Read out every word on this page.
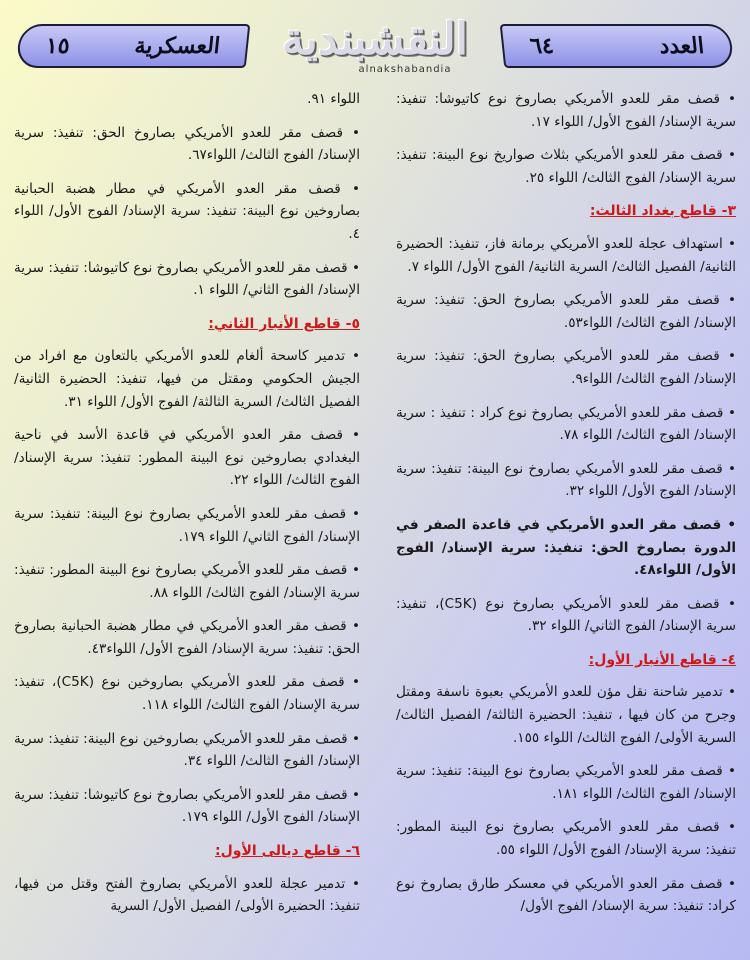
العدد
٦٤
النقشبندية
alnakshabandia
العسكرية
١٥
• قصف مقر للعدو الأمريكي بصاروخ نوع كاتيوشا: تنفيذ: سرية الإسناد/ الفوج الأول/ اللواء ١٧.
• قصف مقر للعدو الأمريكي بثلاث صواريخ نوع البينة: تنفيذ: سرية الإسناد/ الفوج الثالث/ اللواء ٢٥.
٣- قاطع بغداد الثالث:
• استهداف عجلة للعدو الأمريكي برمانة فاز، تنفيذ: الحضيرة الثانية/ الفصيل الثالث/ السرية الثانية/ الفوج الأول/ اللواء ٧.
• قصف مقر للعدو الأمريكي بصاروخ الحق: تنفيذ: سرية الإسناد/ الفوج الثالث/ اللواء٥٣.
• قصف مقر للعدو الأمريكي بصاروخ الحق: تنفيذ: سرية الإسناد/ الفوج الثالث/ اللواء٩.
• قصف مقر للعدو الأمريكي بصاروخ نوع كراد : تنفيذ : سرية الإسناد/ الفوج الثالث/ اللواء ٧٨.
• قصف مقر للعدو الأمريكي بصاروخ نوع البينة: تنفيذ: سرية الإسناد/ الفوج الأول/ اللواء ٣٢.
• قصف مقر العدو الأمريكي في قاعدة الصفر في الدورة بصاروخ الحق: تنفيذ: سرية الإسناد/ الفوج الأول/ اللواء٤٨.
• قصف مقر للعدو الأمريكي بصاروخ نوع (C5K)، تنفيذ: سرية الإسناد/ الفوج الثاني/ اللواء ٣٢.
٤- قاطع الأنبار الأول:
• تدمير شاحنة نقل مؤن للعدو الأمريكي بعبوة ناسفة ومقتل وجرح من كان فيها ، تنفيذ: الحضيرة الثالثة/ الفصيل الثالث/ السرية الأولى/ الفوج الثالث/ اللواء ١٥٥.
• قصف مقر للعدو الأمريكي بصاروخ نوع البينة: تنفيذ: سرية الإسناد/ الفوج الثالث/ اللواء ١٨١.
• قصف مقر للعدو الأمريكي بصاروخ نوع البينة المطور: تنفيذ: سرية الإسناد/ الفوج الأول/ اللواء ٥٥.
• قصف مقر العدو الأمريكي في معسكر طارق بصاروخ نوع كراد: تنفيذ: سرية الإسناد/ الفوج الأول/
اللواء ٩١.
• قصف مقر للعدو الأمريكي بصاروخ الحق: تنفيذ: سرية الإسناد/ الفوج الثالث/ اللواء٦٧.
• قصف مقر العدو الأمريكي في مطار هضبة الحبانية بصاروخين نوع البينة: تنفيذ: سرية الإسناد/ الفوج الأول/ اللواء ٤.
• قصف مقر للعدو الأمريكي بصاروخ نوع كاتيوشا: تنفيذ: سرية الإسناد/ الفوج الثاني/ اللواء ١.
٥- قاطع الأنبار الثاني:
• تدمير كاسحة ألغام للعدو الأمريكي بالتعاون مع افراد من الجيش الحكومي ومقتل من فيها، تنفيذ: الحضيرة الثانية/ الفصيل الثالث/ السرية الثالثة/ الفوج الأول/ اللواء ٣١.
• قصف مقر العدو الأمريكي في قاعدة الأسد في ناحية البغدادي بصاروخين نوع البينة المطور: تنفيذ: سرية الإسناد/ الفوج الثالث/ اللواء ٢٢.
• قصف مقر للعدو الأمريكي بصاروخ نوع البينة: تنفيذ: سرية الإسناد/ الفوج الثاني/ اللواء ١٧٩.
• قصف مقر للعدو الأمريكي بصاروخ نوع البينة المطور: تنفيذ: سرية الإسناد/ الفوج الثالث/ اللواء ٨٨.
• قصف مقر العدو الأمريكي في مطار هضبة الحبانية بصاروخ الحق: تنفيذ: سرية الإسناد/ الفوج الأول/ اللواء٤٣.
• قصف مقر للعدو الأمريكي بصاروخين نوع (C5K)، تنفيذ: سرية الإسناد/ الفوج الثالث/ اللواء ١١٨.
• قصف مقر للعدو الأمريكي بصاروخين نوع البينة: تنفيذ: سرية الإسناد/ الفوج الثالث/ اللواء ٣٤.
• قصف مقر للعدو الأمريكي بصاروخ نوع كاتيوشا: تنفيذ: سرية الإسناد/ الفوج الأول/ اللواء ١٧٩.
٦- قاطع ديالى الأول:
• تدمير عجلة للعدو الأمريكي بصاروخ الفتح وقتل من فيها، تنفيذ: الحضيرة الأولى/ الفصيل الأول/ السرية
